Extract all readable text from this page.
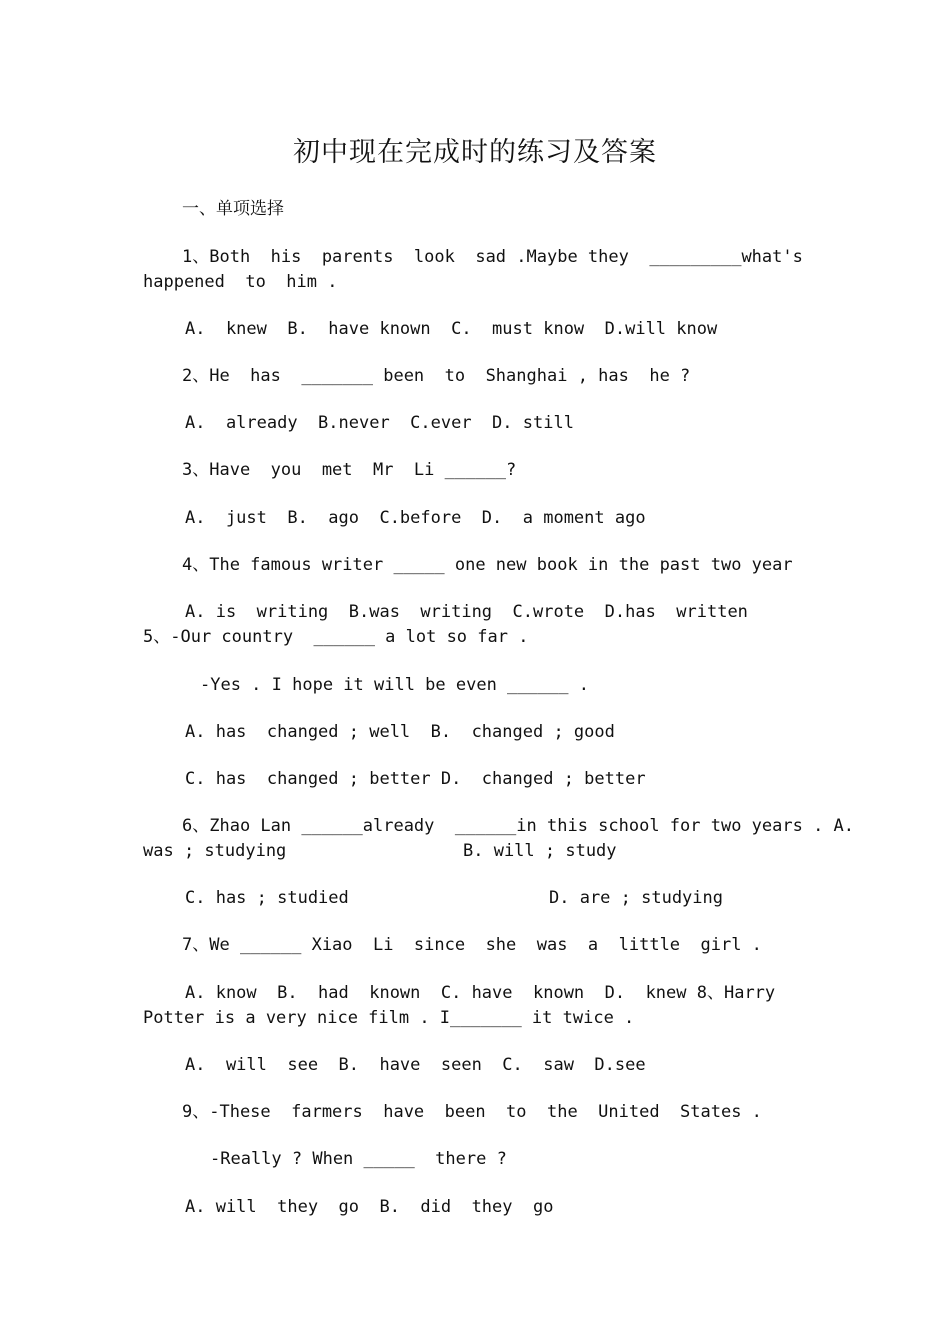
初中现在完成时的练习及答案
一、单项选择
1、Both  his  parents  look  sad .Maybe they  _________what's
happened  to  him .
A.  knew  B.  have known  C.  must know  D.will know
2、He  has  _______ been  to  Shanghai , has  he ?
A.  already  B.never  C.ever  D. still
3、Have  you  met  Mr  Li ______?
A.  just  B.  ago  C.before  D.  a moment ago
4、The famous writer _____ one new book in the past two year
A. is  writing  B.was  writing  C.wrote  D.has  written
5、-Our country  ______ a lot so far .
-Yes . I hope it will be even ______ .
A. has  changed ; well  B.  changed ; good
C. has  changed ; better D.  changed ; better
6、Zhao Lan ______already  ______in this school for two years . A.
was ; studying	B. will ; study
C. has ; studied	D. are ; studying
7、We ______ Xiao  Li  since  she  was  a  little  girl .
A. know  B.  had  known  C. have  known  D.  knew 8、Harry
Potter is a very nice film . I_______ it twice .
A.  will  see  B.  have  seen  C.  saw  D.see
9、-These  farmers  have  been  to  the  United  States .
-Really ? When _____  there ?
A. will  they  go  B.  did  they  go
